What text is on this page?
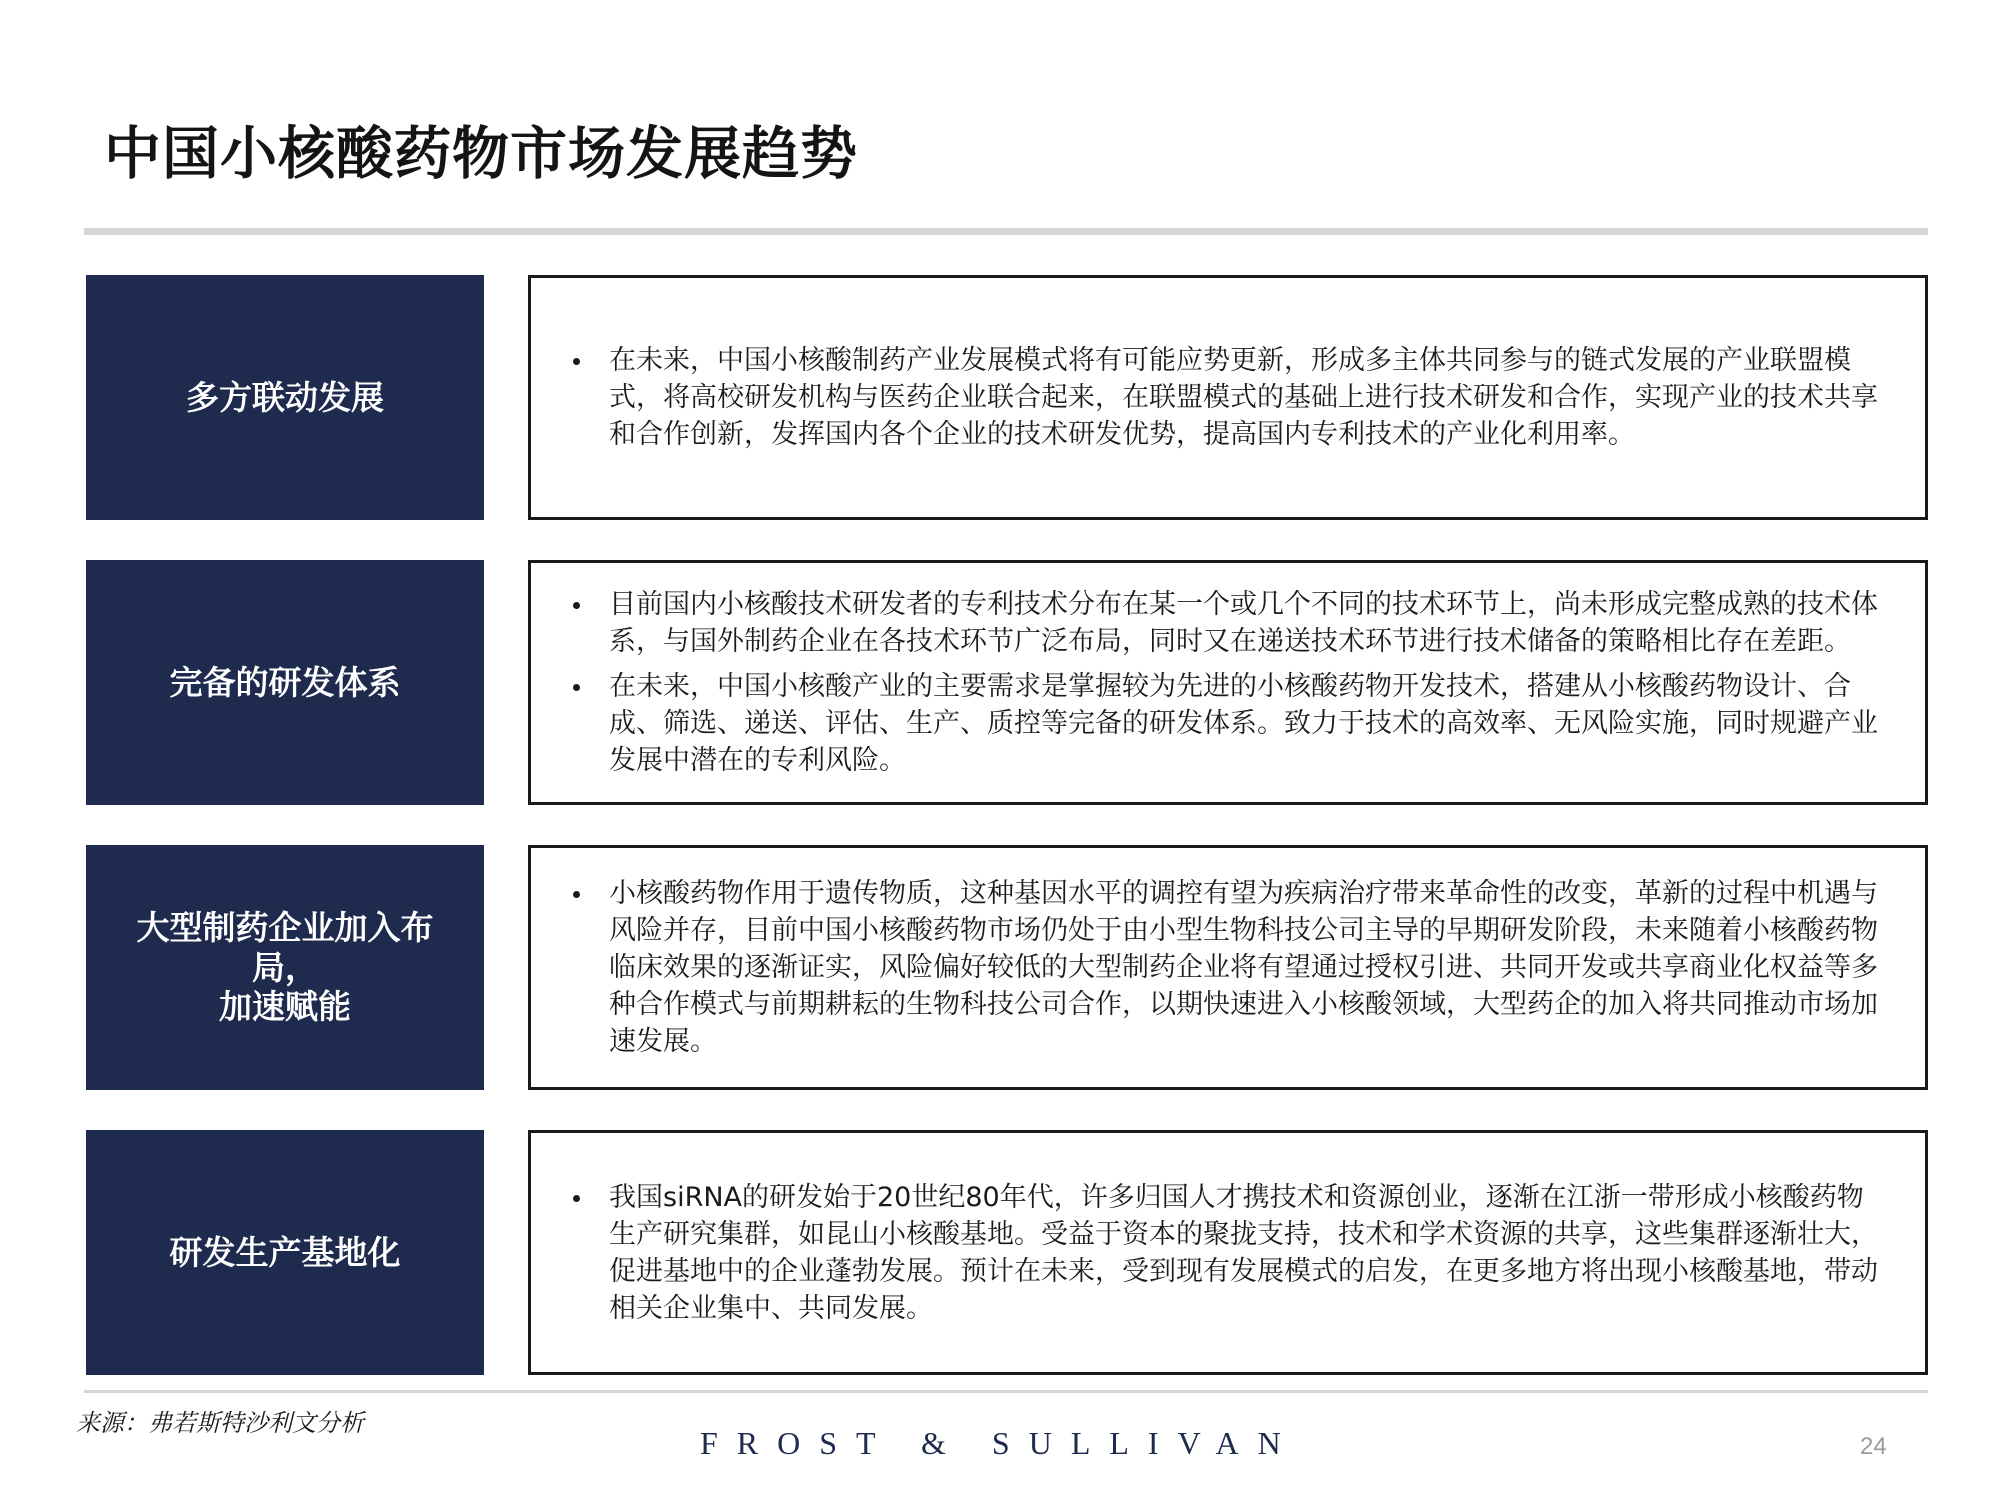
中国小核酸药物市场发展趋势
多方联动发展
在未来，中国小核酸制药产业发展模式将有可能应势更新，形成多主体共同参与的链式发展的产业联盟模式，将高校研发机构与医药企业联合起来，在联盟模式的基础上进行技术研发和合作，实现产业的技术共享和合作创新，发挥国内各个企业的技术研发优势，提高国内专利技术的产业化利用率。
完备的研发体系
目前国内小核酸技术研发者的专利技术分布在某一个或几个不同的技术环节上，尚未形成完整成熟的技术体系，与国外制药企业在各技术环节广泛布局，同时又在递送技术环节进行技术储备的策略相比存在差距。
在未来，中国小核酸产业的主要需求是掌握较为先进的小核酸药物开发技术，搭建从小核酸药物设计、合成、筛选、递送、评估、生产、质控等完备的研发体系。致力于技术的高效率、无风险实施，同时规避产业发展中潜在的专利风险。
大型制药企业加入布局，
加速赋能
小核酸药物作用于遗传物质，这种基因水平的调控有望为疾病治疗带来革命性的改变，革新的过程中机遇与风险并存，目前中国小核酸药物市场仍处于由小型生物科技公司主导的早期研发阶段，未来随着小核酸药物临床效果的逐渐证实，风险偏好较低的大型制药企业将有望通过授权引进、共同开发或共享商业化权益等多种合作模式与前期耕耘的生物科技公司合作，以期快速进入小核酸领域，大型药企的加入将共同推动市场加速发展。
研发生产基地化
我国siRNA的研发始于20世纪80年代，许多归国人才携技术和资源创业，逐渐在江浙一带形成小核酸药物生产研究集群，如昆山小核酸基地。受益于资本的聚拢支持，技术和学术资源的共享，这些集群逐渐壮大，促进基地中的企业蓬勃发展。预计在未来，受到现有发展模式的启发，在更多地方将出现小核酸基地，带动相关企业集中、共同发展。
来源：弗若斯特沙利文分析
FROST & SULLIVAN	24
